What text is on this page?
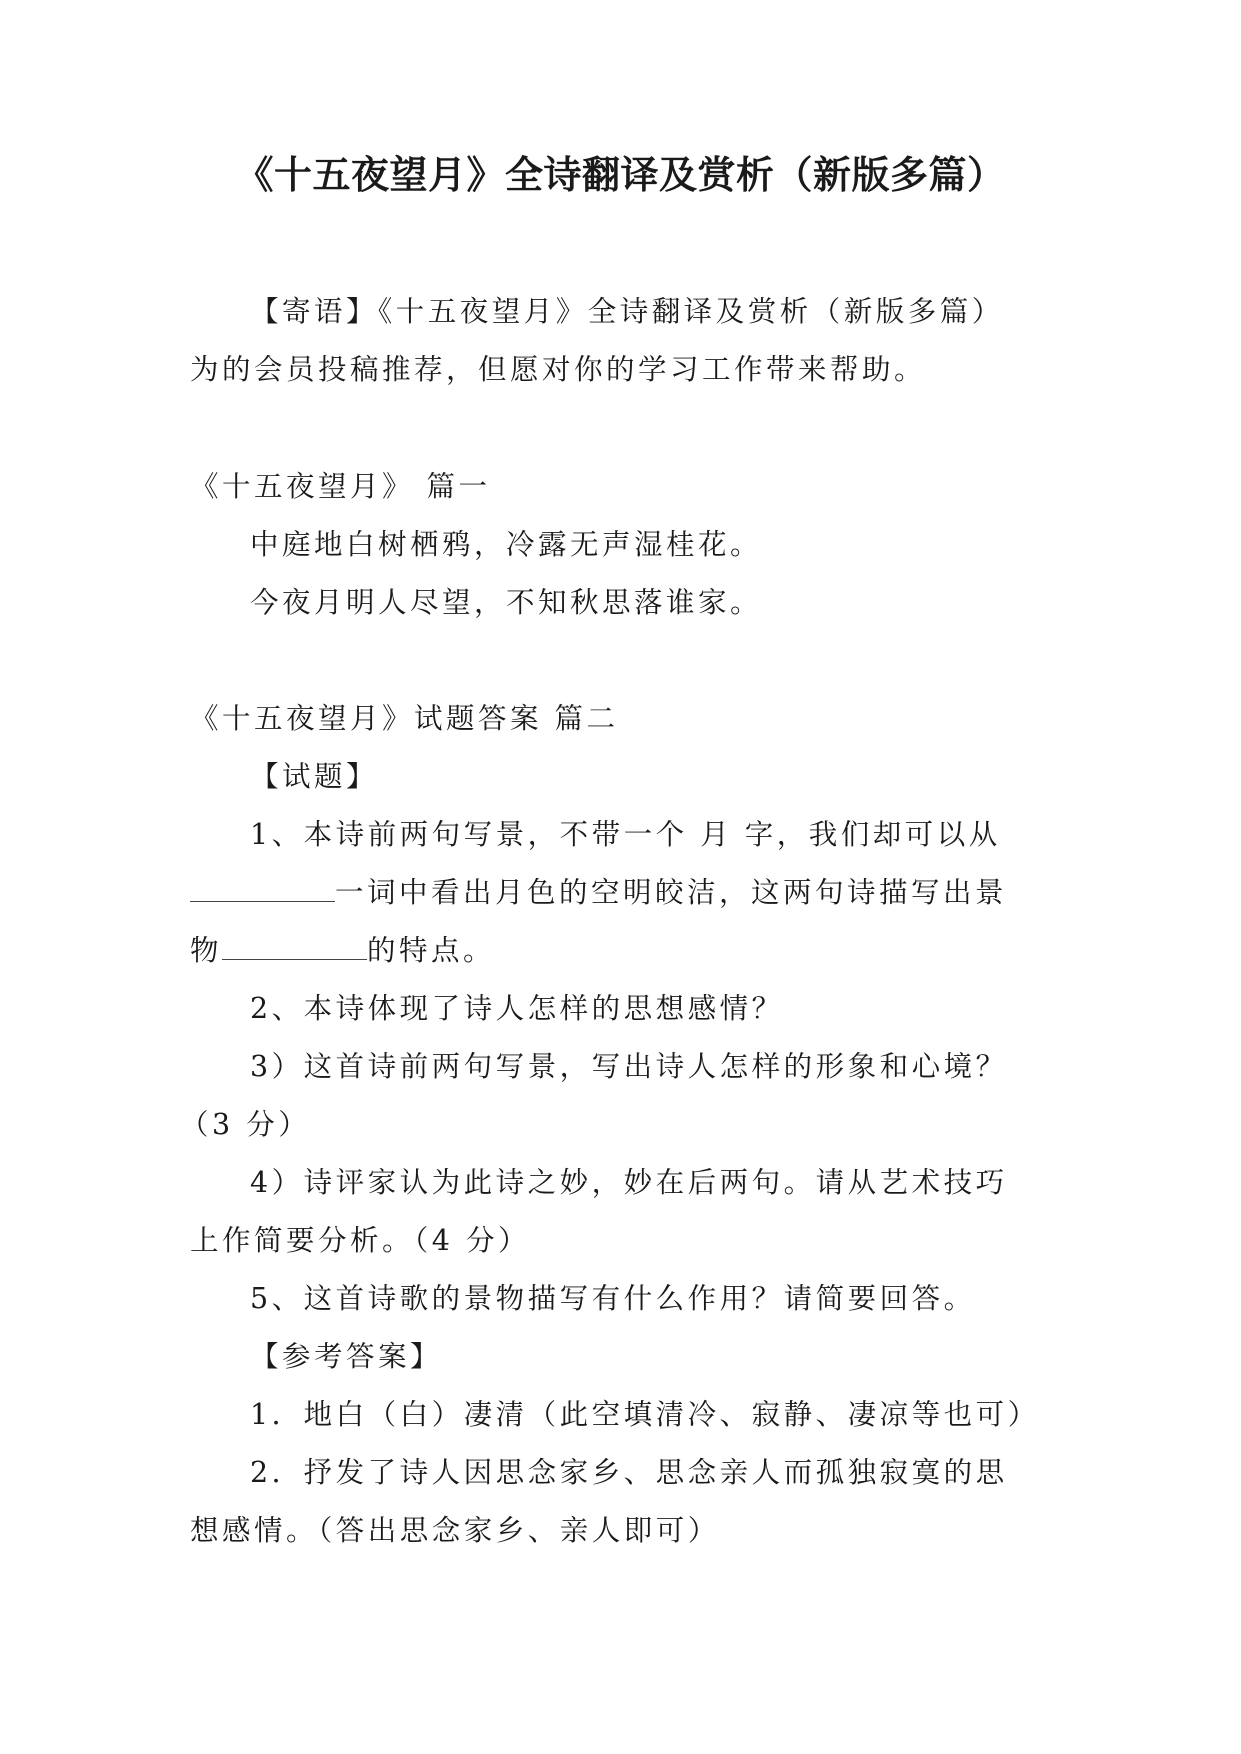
《十五夜望月》全诗翻译及赏析（新版多篇）
【寄语】《十五夜望月》全诗翻译及赏析（新版多篇）
为的会员投稿推荐，但愿对你的学习工作带来帮助。
《十五夜望月》 篇一
中庭地白树栖鸦，冷露无声湿桂花。
今夜月明人尽望，不知秋思落谁家。
《十五夜望月》试题答案 篇二
【试题】
1、本诗前两句写景，不带一个 月 字，我们却可以从
一词中看出月色的空明皎洁，这两句诗描写出景
物	的特点。
2、本诗体现了诗人怎样的思想感情？
3）这首诗前两句写景，写出诗人怎样的形象和心境？
（3 分）
4）诗评家认为此诗之妙，妙在后两句。请从艺术技巧
上作简要分析。（4 分）
5、这首诗歌的景物描写有什么作用？请简要回答。
【参考答案】
1．地白（白）凄清（此空填清冷、寂静、凄凉等也可）
2．抒发了诗人因思念家乡、思念亲人而孤独寂寞的思
想感情。（答出思念家乡、亲人即可）
